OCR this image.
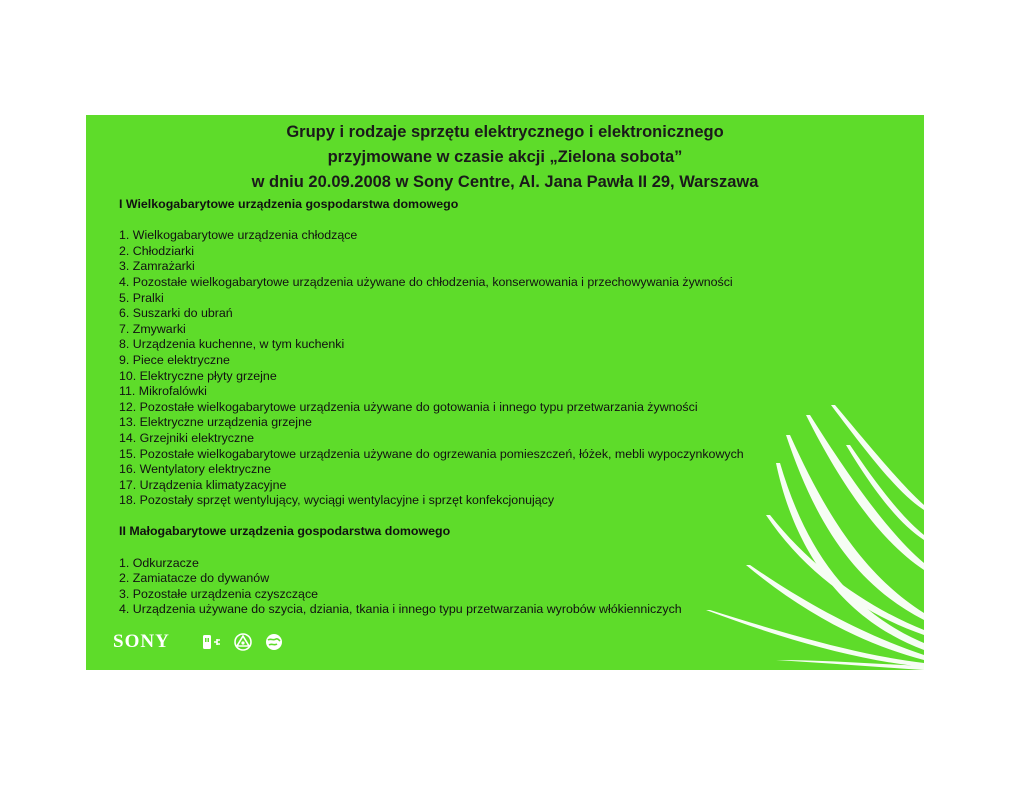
Grupy i rodzaje sprzętu elektrycznego i elektronicznego
przyjmowane w czasie akcji „Zielona sobota”
w dniu 20.09.2008 w Sony Centre, Al. Jana Pawła II 29, Warszawa
I Wielkogabarytowe urządzenia gospodarstwa domowego
1. Wielkogabarytowe urządzenia chłodzące
2. Chłodziarki
3. Zamrażarki
4. Pozostałe wielkogabarytowe urządzenia używane do chłodzenia, konserwowania i przechowywania żywności
5. Pralki
6. Suszarki do ubrań
7. Zmywarki
8. Urządzenia kuchenne, w tym kuchenki
9. Piece elektryczne
10. Elektryczne płyty grzejne
11. Mikrofalówki
12. Pozostałe wielkogabarytowe urządzenia używane do gotowania i innego typu przetwarzania żywności
13. Elektryczne urządzenia grzejne
14. Grzejniki elektryczne
15. Pozostałe wielkogabarytowe urządzenia używane do ogrzewania pomieszczeń, łóżek, mebli wypoczynkowych
16. Wentylatory elektryczne
17. Urządzenia klimatyzacyjne
18. Pozostały sprzęt wentylujący, wyciągi wentylacyjne i sprzęt konfekcjonujący
II Małogabarytowe urządzenia gospodarstwa domowego
1. Odkurzacze
2. Zamiatacze do dywanów
3. Pozostałe urządzenia czyszczące
4. Urządzenia używane do szycia, dziania, tkania i innego typu przetwarzania wyrobów włókienniczych
SONY
